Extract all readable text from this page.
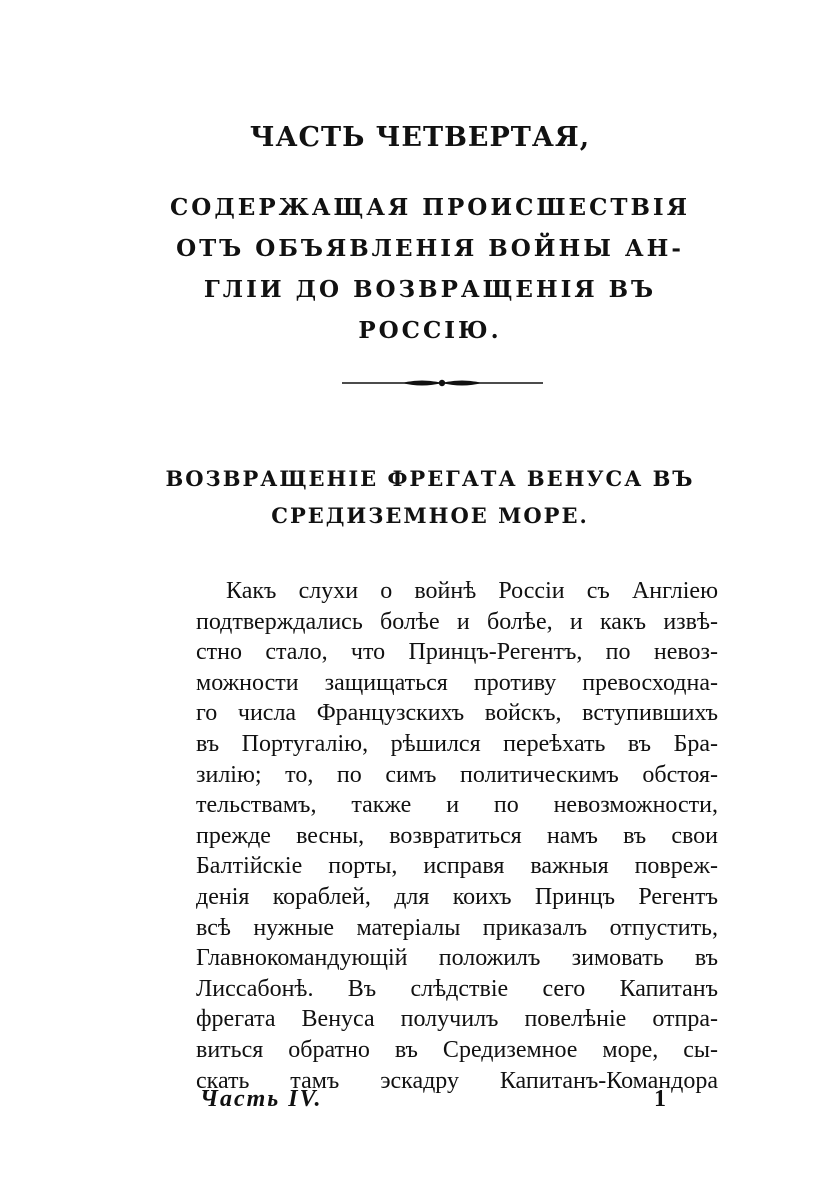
ЧАСТЬ ЧЕТВЕРТАЯ,
СОДЕРЖАЩАЯ ПРОИСШЕСТВІЯ
ОТЪ ОБЪЯВЛЕНІЯ ВОЙНЫ АН-
ГЛІИ ДО ВОЗВРАЩЕНІЯ ВЪ
РОССІЮ.
ВОЗВРАЩЕНІЕ ФРЕГАТА ВЕНУСА ВЪ
СРЕДИЗЕМНОЕ МОРЕ.
Какъ слухи о войнѣ Россіи съ Англіею
подтверждались болѣе и болѣе, и какъ извѣ-
стно стало, что Принцъ-Регентъ, по невоз-
можности защищаться противу превосходна-
го числа Французскихъ войскъ, вступившихъ
въ Португалію, рѣшился переѣхать въ Бра-
зилію; то, по симъ политическимъ обстоя-
тельствамъ, также и по невозможности,
прежде весны, возвратиться намъ въ свои
Балтійскіе порты, исправя важныя повреж-
денія кораблей, для коихъ Принцъ Регентъ
всѣ нужные матеріалы приказалъ отпустить,
Главнокомандующій положилъ зимовать въ
Лиссабонѣ. Въ слѣдствіе сего Капитанъ
фрегата Венуса получилъ повелѣніе отпра-
виться обратно въ Средиземное море, сы-
скать тамъ эскадру Капитанъ-Командора
Часть IV.	1
